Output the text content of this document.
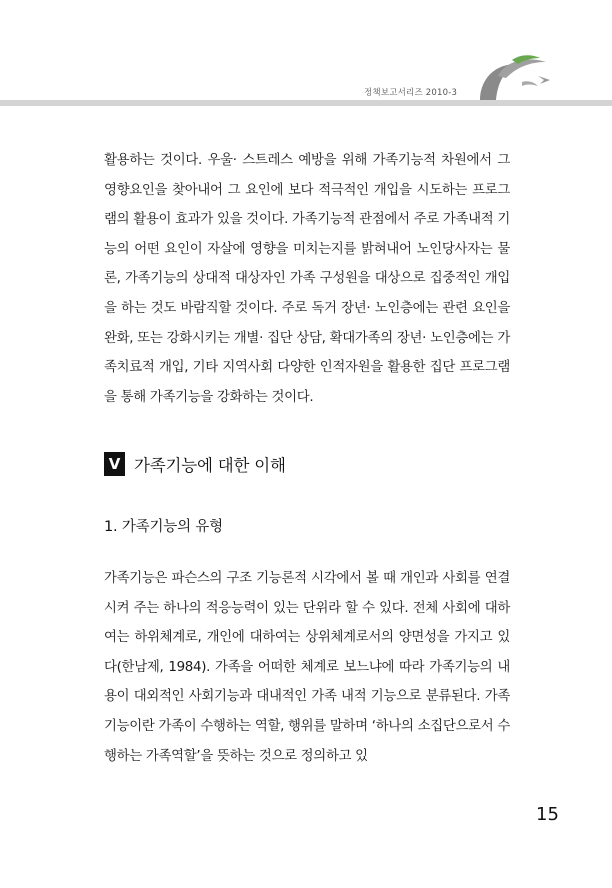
정책보고서리즈 2010-3

활용하는 것이다. 우울· 스트레스 예방을 위해 가족기능적 차원에서 그 영향요인을 찾아내어 그 요인에 보다 적극적인 개입을 시도하는 프로그램의 활용이 효과가 있을 것이다. 가족기능적 관점에서 주로 가족내적 기능의 어떤 요인이 자살에 영향을 미치는지를 밝혀내어 노인당사자는 물론, 가족기능의 상대적 대상자인 가족 구성원을 대상으로 집중적인 개입을 하는 것도 바람직할 것이다. 주로 독거 장년· 노인층에는 관련 요인을 완화, 또는 강화시키는 개별· 집단 상담, 확대가족의 장년· 노인층에는 가족치료적 개입, 기타 지역사회 다양한 인적자원을 활용한 집단 프로그램을 통해 가족기능을 강화하는 것이다.

V 가족기능에 대한 이해
1. 가족기능의 유형

가족기능은 파슨스의 구조 기능론적 시각에서 볼 때 개인과 사회를 연결시켜 주는 하나의 적응능력이 있는 단위라 할 수 있다. 전체 사회에 대하여는 하위체계로, 개인에 대하여는 상위체계로서의 양면성을 가지고 있다(한남제, 1984). 가족을 어떠한 체계로 보느냐에 따라 가족기능의 내용이 대외적인 사회기능과 대내적인 가족 내적 기능으로 분류된다. 가족기능이란 가족이 수행하는 역할, 행위를 말하며 ‘하나의 소집단으로서 수행하는 가족역할’을 뜻하는 것으로 정의하고 있

15
